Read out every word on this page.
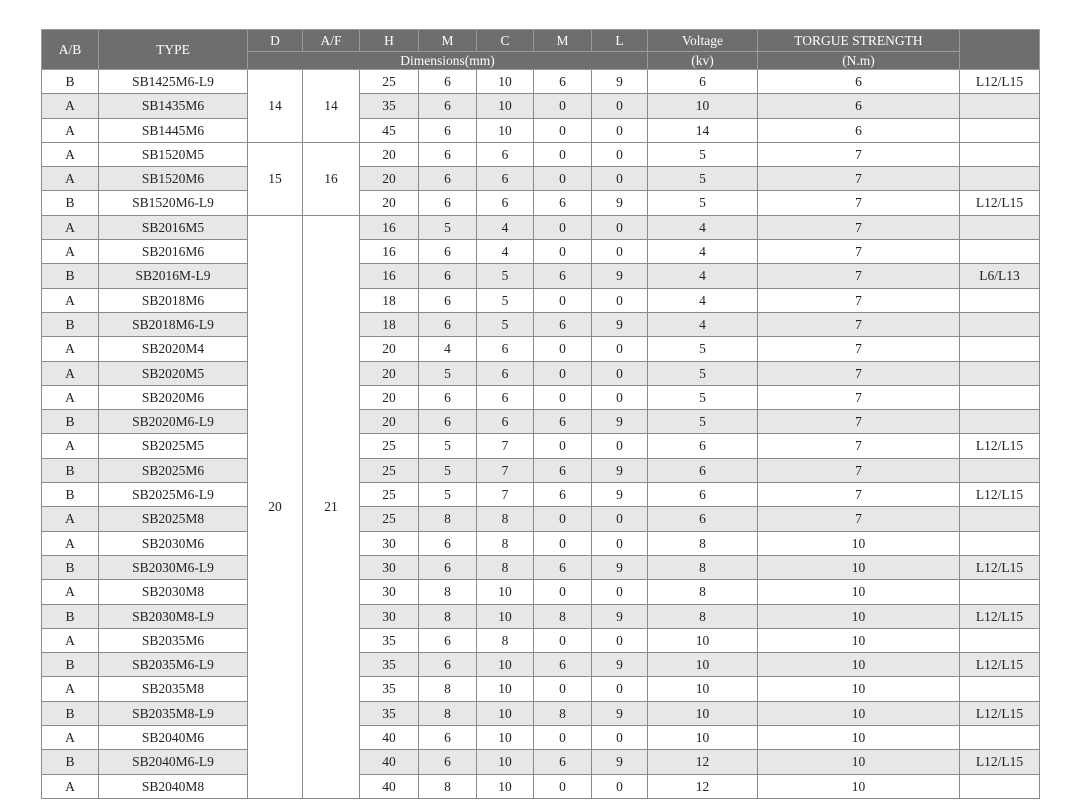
A/B	TYPE	D	A/F	H	M	C	M	L	Voltage	TORGUE STRENGTH	
		Dimensions(mm)							(kv)	(N.m)	
B	SB1425M6-L9	14	14	25	6	10	6	9	6	6	L12/L15
A	SB1435M6			35	6	10	0	0	10	6	
A	SB1445M6			45	6	10	0	0	14	6	
A	SB1520M5	15	16	20	6	6	0	0	5	7	
A	SB1520M6			20	6	6	0	0	5	7	
B	SB1520M6-L9			20	6	6	6	9	5	7	L12/L15
A	SB2016M5	20	21	16	5	4	0	0	4	7	
A	SB2016M6			16	6	4	0	0	4	7	
B	SB2016M-L9			16	6	5	6	9	4	7	L6/L13
A	SB2018M6			18	6	5	0	0	4	7	
B	SB2018M6-L9			18	6	5	6	9	4	7	
A	SB2020M4			20	4	6	0	0	5	7	
A	SB2020M5			20	5	6	0	0	5	7	
A	SB2020M6			20	6	6	0	0	5	7	
B	SB2020M6-L9			20	6	6	6	9	5	7	
A	SB2025M5			25	5	7	0	0	6	7	L12/L15
B	SB2025M6			25	5	7	6	9	6	7	
B	SB2025M6-L9			25	5	7	6	9	6	7	L12/L15
A	SB2025M8			25	8	8	0	0	6	7	
A	SB2030M6			30	6	8	0	0	8	10	
B	SB2030M6-L9			30	6	8	6	9	8	10	L12/L15
A	SB2030M8			30	8	10	0	0	8	10	
B	SB2030M8-L9			30	8	10	8	9	8	10	L12/L15
A	SB2035M6			35	6	8	0	0	10	10	
B	SB2035M6-L9			35	6	10	6	9	10	10	L12/L15
A	SB2035M8			35	8	10	0	0	10	10	
B	SB2035M8-L9			35	8	10	8	9	10	10	L12/L15
A	SB2040M6			40	6	10	0	0	10	10	
B	SB2040M6-L9			40	6	10	6	9	12	10	L12/L15
A	SB2040M8			40	8	10	0	0	12	10	
